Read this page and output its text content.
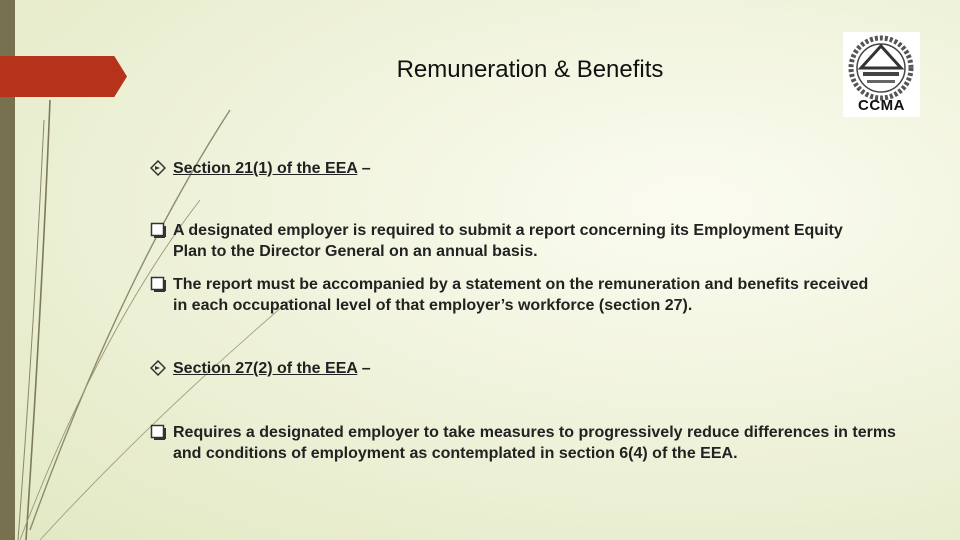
Remuneration & Benefits
CCMA
Section 21(1) of the EEA –
A designated employer is required to submit a report concerning its Employment Equity Plan to the Director General on an annual basis.
The report must be accompanied by a statement on the remuneration and benefits received in each occupational level of that employer’s workforce (section 27).
Section 27(2) of the EEA –
Requires a designated employer to take measures to progressively reduce differences in terms and conditions of employment as contemplated in section 6(4) of the EEA.
